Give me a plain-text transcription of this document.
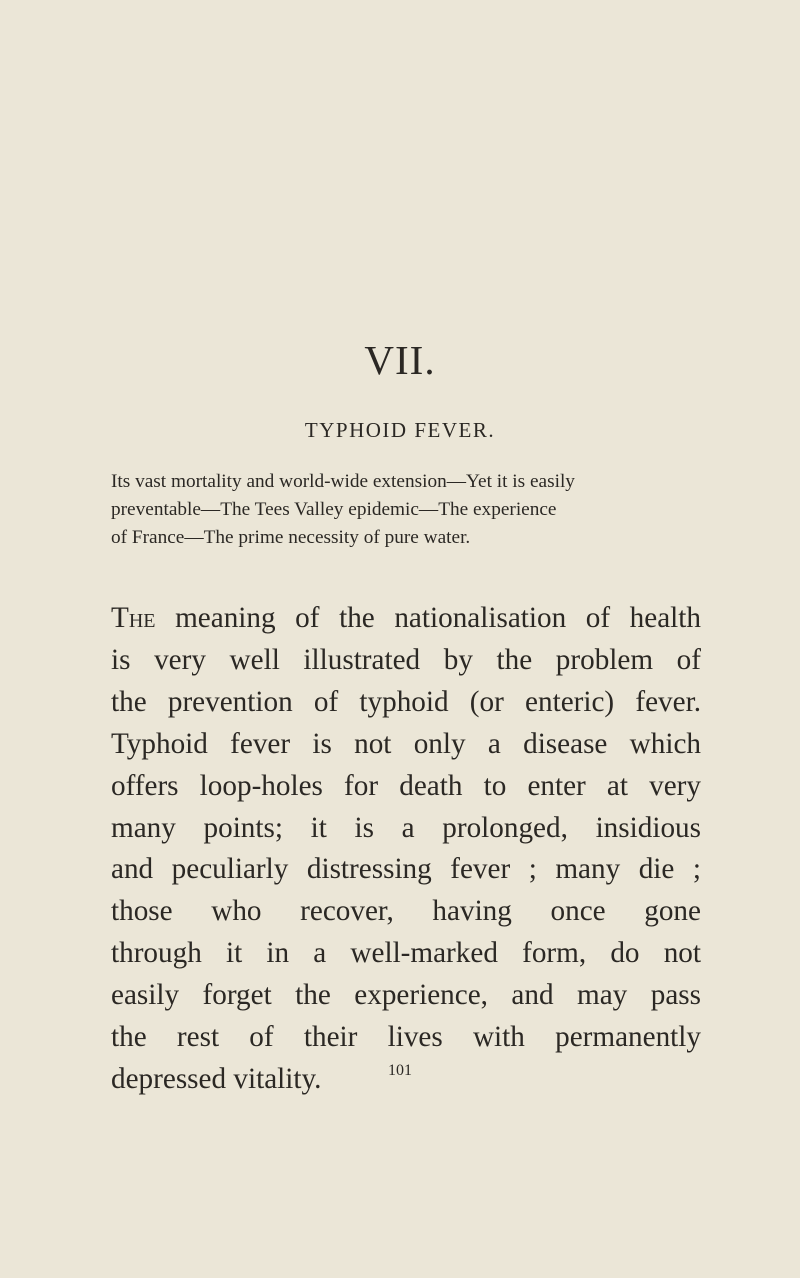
VII.
TYPHOID FEVER.
Its vast mortality and world-wide extension—Yet it is easily
preventable—The Tees Valley epidemic—The experience
of France—The prime necessity of pure water.
The meaning of the nationalisation of health
is very well illustrated by the problem of
the prevention of typhoid (or enteric) fever.
Typhoid fever is not only a disease which
offers loop-holes for death to enter at very
many points; it is a prolonged, insidious
and peculiarly distressing fever ; many die ;
those who recover, having once gone
through it in a well-marked form, do not
easily forget the experience, and may pass
the rest of their lives with permanently
depressed vitality.	101
